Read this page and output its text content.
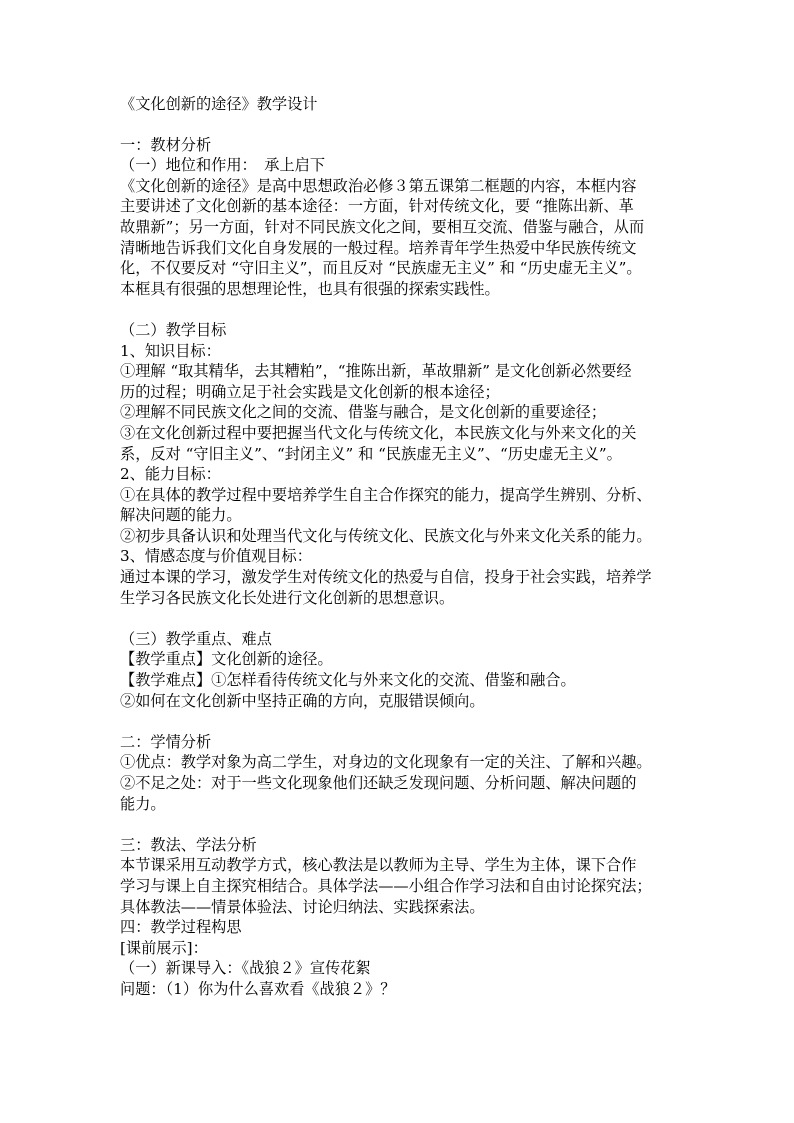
《文化创新的途径》教学设计
一：教材分析
（一）地位和作用：　承上启下
《文化创新的途径》是高中思想政治必修３第五课第二框题的内容，本框内容
主要讲述了文化创新的基本途径：一方面，针对传统文化，要 “推陈出新、革
故鼎新”；另一方面，针对不同民族文化之间，要相互交流、借鉴与融合，从而
清晰地告诉我们文化自身发展的一般过程。培养青年学生热爱中华民族传统文
化，不仅要反对 “守旧主义”，而且反对 “民族虚无主义” 和 “历史虚无主义”。
本框具有很强的思想理论性，也具有很强的探索实践性。
（二）教学目标
1、知识目标：
①理解 “取其精华，去其糟粕”，“推陈出新，革故鼎新” 是文化创新必然要经
历的过程；明确立足于社会实践是文化创新的根本途径；
②理解不同民族文化之间的交流、借鉴与融合，是文化创新的重要途径；
③在文化创新过程中要把握当代文化与传统文化，本民族文化与外来文化的关
系，反对 “守旧主义”、“封闭主义” 和 “民族虚无主义”、“历史虚无主义”。
2、能力目标：
①在具体的教学过程中要培养学生自主合作探究的能力，提高学生辨别、分析、
解决问题的能力。
②初步具备认识和处理当代文化与传统文化、民族文化与外来文化关系的能力。
3、情感态度与价值观目标：
通过本课的学习，激发学生对传统文化的热爱与自信，投身于社会实践，培养学
生学习各民族文化长处进行文化创新的思想意识。
（三）教学重点、难点
【教学重点】文化创新的途径。
【教学难点】①怎样看待传统文化与外来文化的交流、借鉴和融合。
②如何在文化创新中坚持正确的方向，克服错误倾向。
二：学情分析
①优点：教学对象为高二学生，对身边的文化现象有一定的关注、了解和兴趣。
②不足之处：对于一些文化现象他们还缺乏发现问题、分析问题、解决问题的
能力。
三：教法、学法分析
本节课采用互动教学方式，核心教法是以教师为主导、学生为主体，课下合作
学习与课上自主探究相结合。具体学法——小组合作学习法和自由讨论探究法；
具体教法——情景体验法、讨论归纳法、实践探索法。
四：教学过程构思
[课前展示]：
（一）新课导入：《战狼２》宣传花絮
问题：（1）你为什么喜欢看《战狼２》？
